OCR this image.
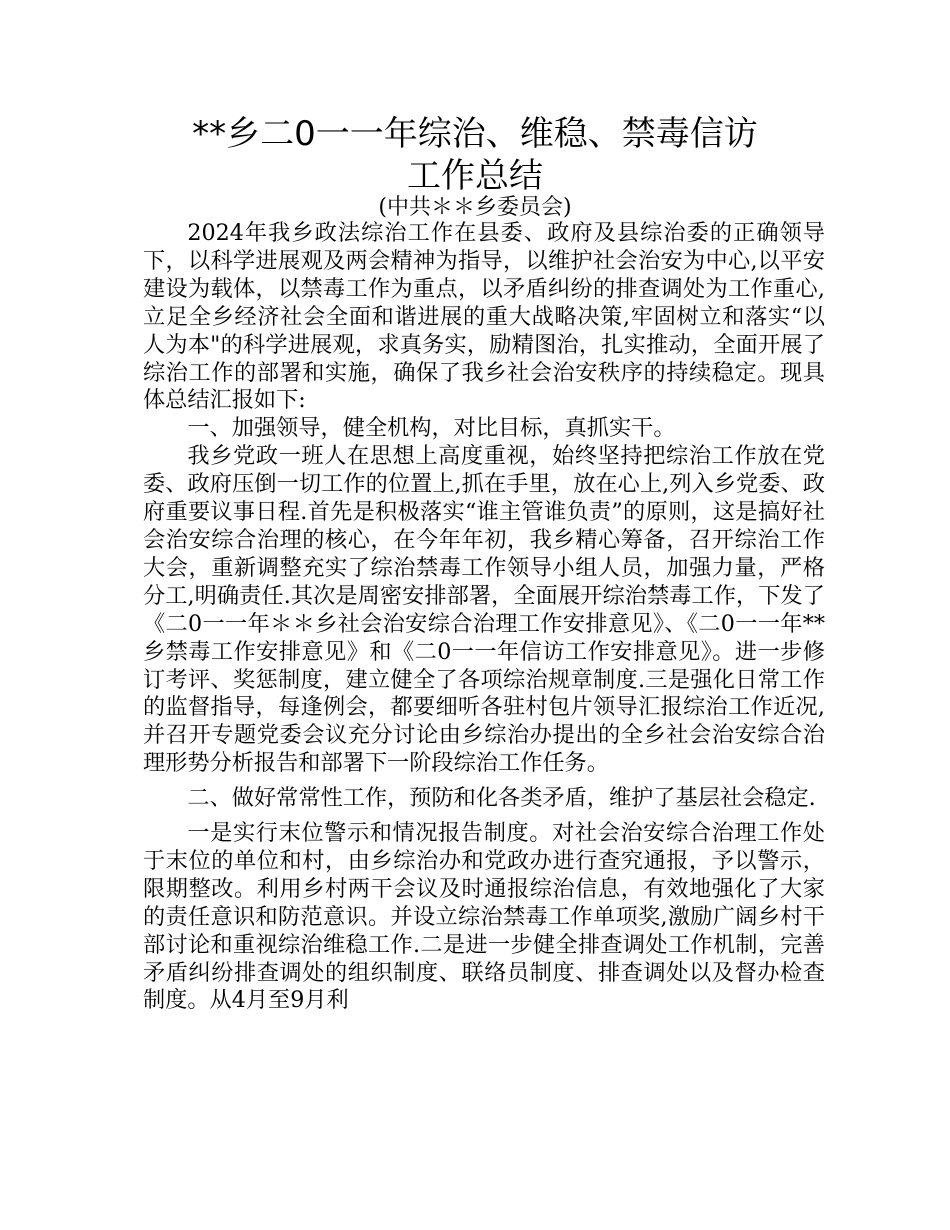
**乡二0一一年综治、维稳、禁毒信访
工作总结
(中共＊＊乡委员会)

2024年我乡政法综治工作在县委、政府及县综治委的正确领导下，以科学进展观及两会精神为指导，以维护社会治安为中心,以平安建设为载体，以禁毒工作为重点，以矛盾纠纷的排查调处为工作重心,立足全乡经济社会全面和谐进展的重大战略决策,牢固树立和落实“以人为本"的科学进展观，求真务实，励精图治，扎实推动，全面开展了综治工作的部署和实施，确保了我乡社会治安秩序的持续稳定。现具体总结汇报如下:

一、加强领导，健全机构，对比目标，真抓实干。

我乡党政一班人在思想上高度重视，始终坚持把综治工作放在党委、政府压倒一切工作的位置上,抓在手里，放在心上,列入乡党委、政府重要议事日程.首先是积极落实“谁主管谁负责”的原则，这是搞好社会治安综合治理的核心，在今年年初，我乡精心筹备，召开综治工作大会，重新调整充实了综治禁毒工作领导小组人员，加强力量，严格分工,明确责任.其次是周密安排部署，全面展开综治禁毒工作，下发了《二0一一年＊＊乡社会治安综合治理工作安排意见》、《二0一一年**乡禁毒工作安排意见》和《二0一一年信访工作安排意见》。进一步修订考评、奖惩制度，建立健全了各项综治规章制度.三是强化日常工作的监督指导，每逢例会，都要细听各驻村包片领导汇报综治工作近况,并召开专题党委会议充分讨论由乡综治办提出的全乡社会治安综合治理形势分析报告和部署下一阶段综治工作任务。

二、做好常常性工作，预防和化各类矛盾，维护了基层社会稳定.

一是实行末位警示和情况报告制度。对社会治安综合治理工作处于末位的单位和村，由乡综治办和党政办进行查究通报，予以警示，限期整改。利用乡村两干会议及时通报综治信息，有效地强化了大家的责任意识和防范意识。并设立综治禁毒工作单项奖,激励广阔乡村干部讨论和重视综治维稳工作.二是进一步健全排查调处工作机制，完善矛盾纠纷排查调处的组织制度、联络员制度、排查调处以及督办检查制度。从4月至9月利
